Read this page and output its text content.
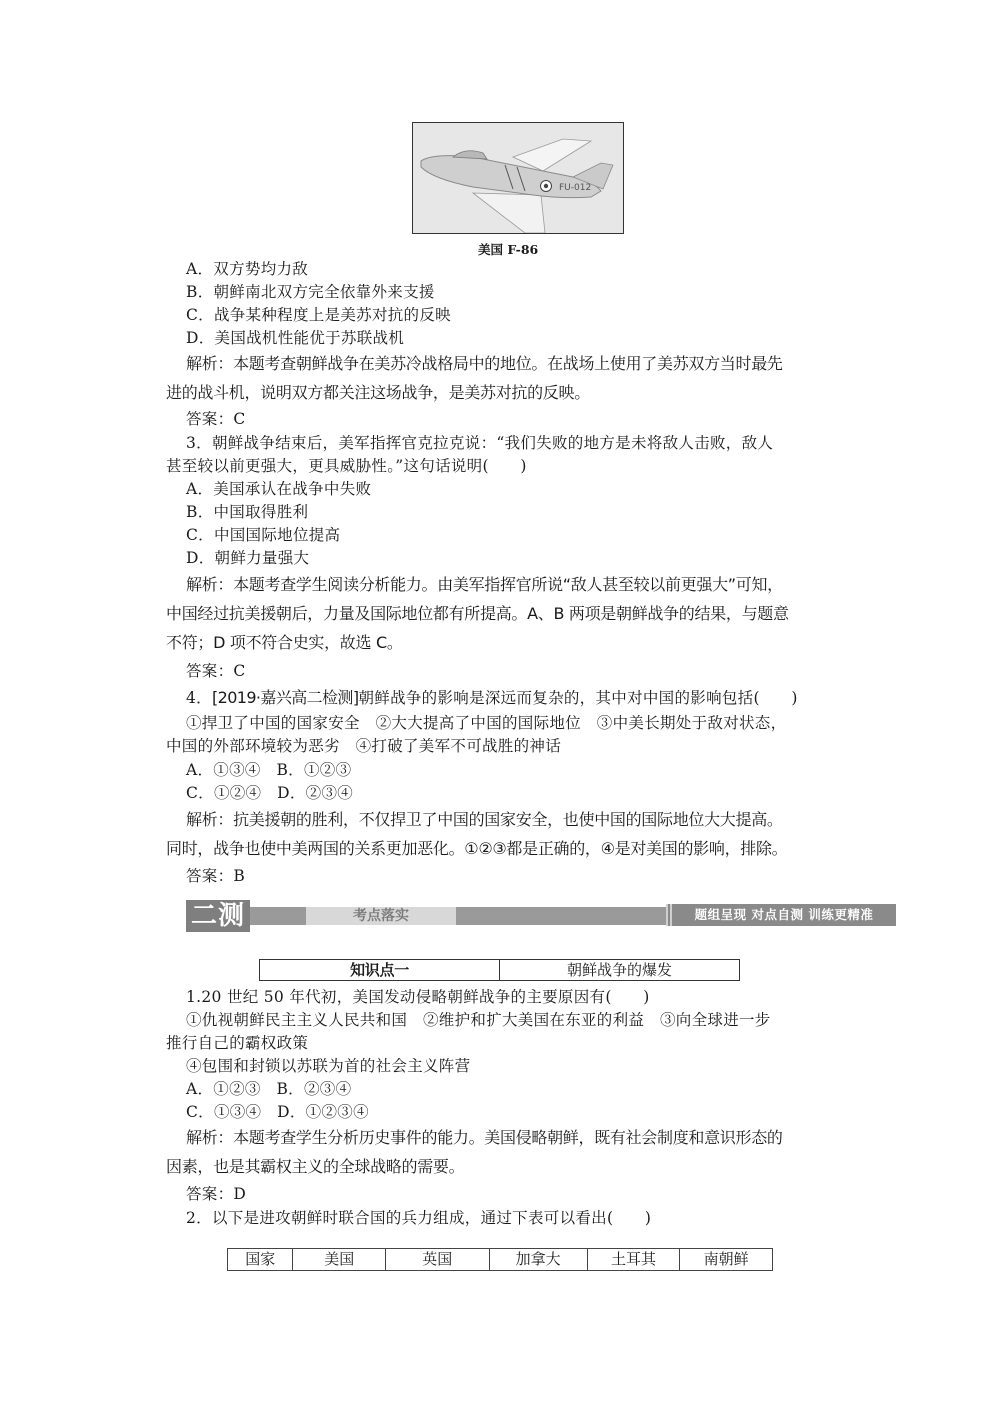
FU-012
美国 F-86
A．双方势均力敌
B．朝鲜南北双方完全依靠外来支援
C．战争某种程度上是美苏对抗的反映
D．美国战机性能优于苏联战机
解析：本题考查朝鲜战争在美苏冷战格局中的地位。在战场上使用了美苏双方当时最先
进的战斗机，说明双方都关注这场战争，是美苏对抗的反映。
答案：C
3．朝鲜战争结束后，美军指挥官克拉克说：“我们失败的地方是未将敌人击败，敌人
甚至较以前更强大，更具威胁性。”这句话说明(　　)
A．美国承认在战争中失败
B．中国取得胜利
C．中国国际地位提高
D．朝鲜力量强大
解析：本题考查学生阅读分析能力。由美军指挥官所说“敌人甚至较以前更强大”可知，
中国经过抗美援朝后，力量及国际地位都有所提高。A、B 两项是朝鲜战争的结果，与题意
不符；D 项不符合史实，故选 C。
答案：C
4．[2019·嘉兴高二检测]朝鲜战争的影响是深远而复杂的，其中对中国的影响包括(　　)
①捍卫了中国的国家安全　②大大提高了中国的国际地位　③中美长期处于敌对状态，
中国的外部环境较为恶劣　④打破了美军不可战胜的神话
A．①③④　B．①②③
C．①②④　D．②③④
解析：抗美援朝的胜利，不仅捍卫了中国的国家安全，也使中国的国际地位大大提高。
同时，战争也使中美两国的关系更加恶化。①②③都是正确的，④是对美国的影响，排除。
答案：B
二测	考点落实	题组呈现 对点自测 训练更精准
知识点一	朝鲜战争的爆发
1.20 世纪 50 年代初，美国发动侵略朝鲜战争的主要原因有(　　)
①仇视朝鲜民主主义人民共和国　②维护和扩大美国在东亚的利益　③向全球进一步
推行自己的霸权政策
④包围和封锁以苏联为首的社会主义阵营
A．①②③　B．②③④
C．①③④　D．①②③④
解析：本题考查学生分析历史事件的能力。美国侵略朝鲜，既有社会制度和意识形态的
因素，也是其霸权主义的全球战略的需要。
答案：D
2．以下是进攻朝鲜时联合国的兵力组成，通过下表可以看出(　　)
国家	美国	英国	加拿大	土耳其	南朝鲜
